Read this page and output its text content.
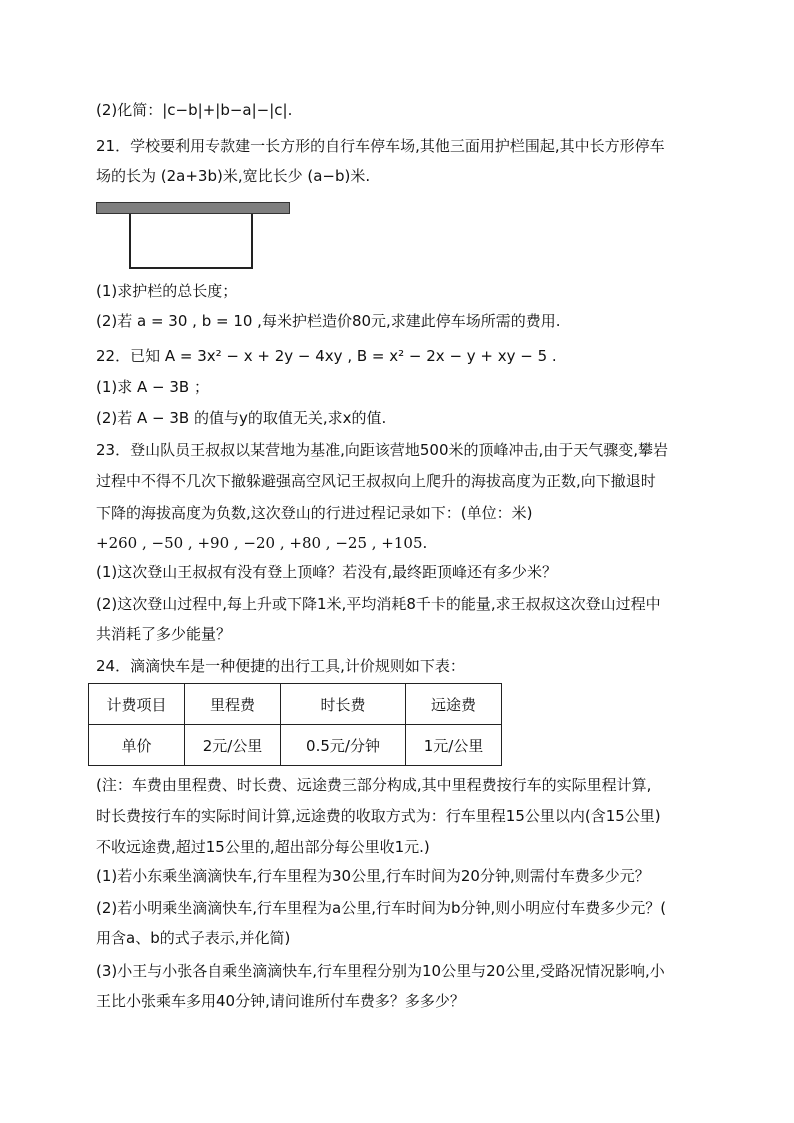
(2)化简：|c−b|+|b−a|−|c|.
21．学校要利用专款建一长方形的自行车停车场,其他三面用护栏围起,其中长方形停车
场的长为 (2a+3b)米,宽比长少 (a−b)米.
(1)求护栏的总长度；
(2)若 a = 30 , b = 10 ,每米护栏造价80元,求建此停车场所需的费用.
22．已知 A = 3x² − x + 2y − 4xy , B = x² − 2x − y + xy − 5 .
(1)求 A − 3B ；
(2)若 A − 3B 的值与y的取值无关,求x的值.
23．登山队员王叔叔以某营地为基准,向距该营地500米的顶峰冲击,由于天气骤变,攀岩
过程中不得不几次下撤躲避强高空风记王叔叔向上爬升的海拔高度为正数,向下撤退时
下降的海拔高度为负数,这次登山的行进过程记录如下：(单位：米)
+260 , −50 , +90 , −20 , +80 , −25 , +105.
(1)这次登山王叔叔有没有登上顶峰？若没有,最终距顶峰还有多少米？
(2)这次登山过程中,每上升或下降1米,平均消耗8千卡的能量,求王叔叔这次登山过程中
共消耗了多少能量？
24．滴滴快车是一种便捷的出行工具,计价规则如下表：
计费项目	里程费	时长费	远途费
单价	2元/公里	0.5元/分钟	1元/公里
(注：车费由里程费、时长费、远途费三部分构成,其中里程费按行车的实际里程计算,
时长费按行车的实际时间计算,远途费的收取方式为：行车里程15公里以内(含15公里)
不收远途费,超过15公里的,超出部分每公里收1元.)
(1)若小东乘坐滴滴快车,行车里程为30公里,行车时间为20分钟,则需付车费多少元？
(2)若小明乘坐滴滴快车,行车里程为a公里,行车时间为b分钟,则小明应付车费多少元？(
用含a、b的式子表示,并化简)
(3)小王与小张各自乘坐滴滴快车,行车里程分别为10公里与20公里,受路况情况影响,小
王比小张乘车多用40分钟,请问谁所付车费多？多多少？
